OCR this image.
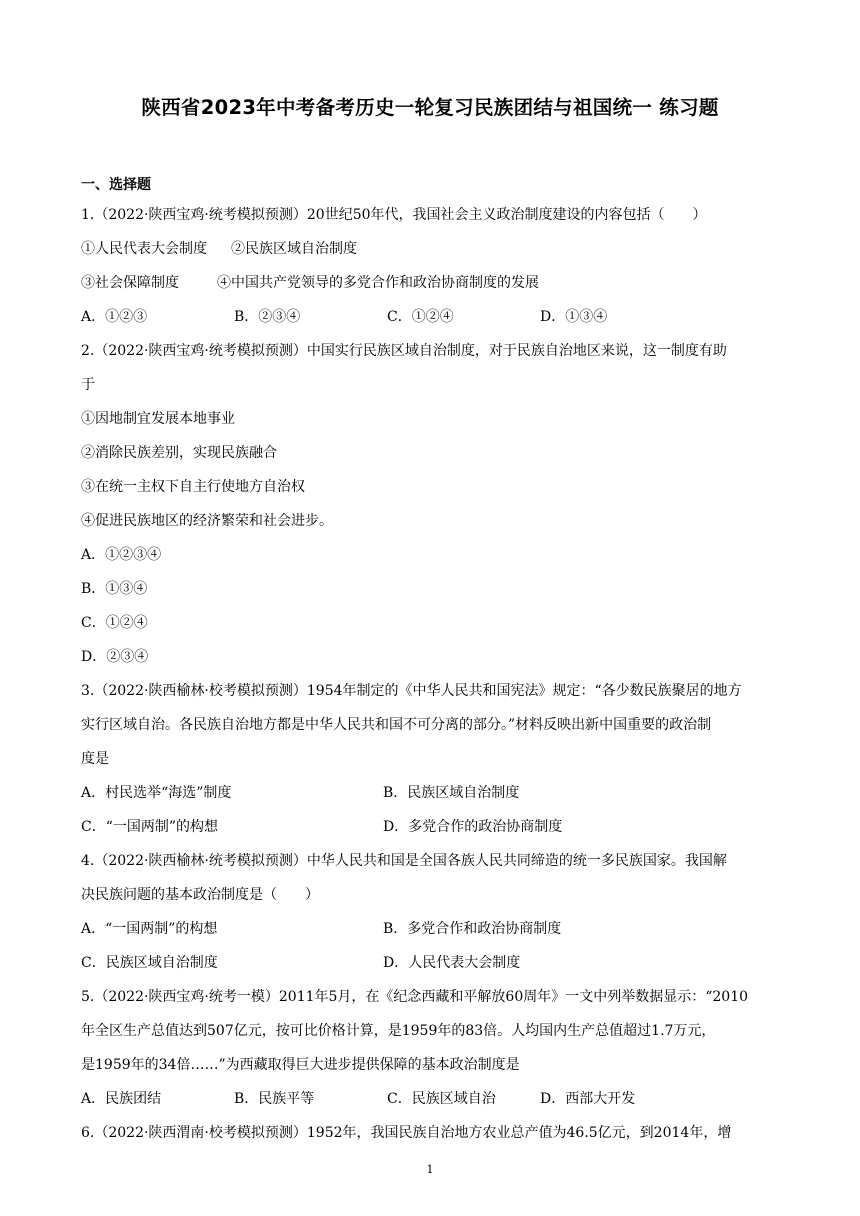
陕西省2023年中考备考历史一轮复习民族团结与祖国统一 练习题
一、选择题
1.（2022·陕西宝鸡·统考模拟预测）20世纪50年代，我国社会主义政治制度建设的内容包括（　　）
①人民代表大会制度 ②民族区域自治制度
③社会保障制度	④中国共产党领导的多党合作和政治协商制度的发展
A．①②③	B．②③④	C．①②④	D．①③④
2.（2022·陕西宝鸡·统考模拟预测）中国实行民族区域自治制度，对于民族自治地区来说，这一制度有助
于
①因地制宜发展本地事业
②消除民族差别，实现民族融合
③在统一主权下自主行使地方自治权
④促进民族地区的经济繁荣和社会进步。
A．①②③④
B．①③④
C．①②④
D．②③④
3.（2022·陕西榆林·校考模拟预测）1954年制定的《中华人民共和国宪法》规定：“各少数民族聚居的地方
实行区域自治。各民族自治地方都是中华人民共和国不可分离的部分。”材料反映出新中国重要的政治制
度是
A．村民选举“海选”制度	B．民族区域自治制度
C．“一国两制”的构想	D．多党合作的政治协商制度
4.（2022·陕西榆林·统考模拟预测）中华人民共和国是全国各族人民共同缔造的统一多民族国家。我国解
决民族问题的基本政治制度是（　　）
A．“一国两制”的构想	B．多党合作和政治协商制度
C．民族区域自治制度	D．人民代表大会制度
5.（2022·陕西宝鸡·统考一模）2011年5月，在《纪念西藏和平解放60周年》一文中列举数据显示：“2010
年全区生产总值达到507亿元，按可比价格计算，是1959年的83倍。人均国内生产总值超过1.7万元，
是1959年的34倍……”为西藏取得巨大进步提供保障的基本政治制度是
A．民族团结	B．民族平等	C．民族区域自治	D．西部大开发
6.（2022·陕西渭南·校考模拟预测）1952年，我国民族自治地方农业总产值为46.5亿元，到2014年，增
1
